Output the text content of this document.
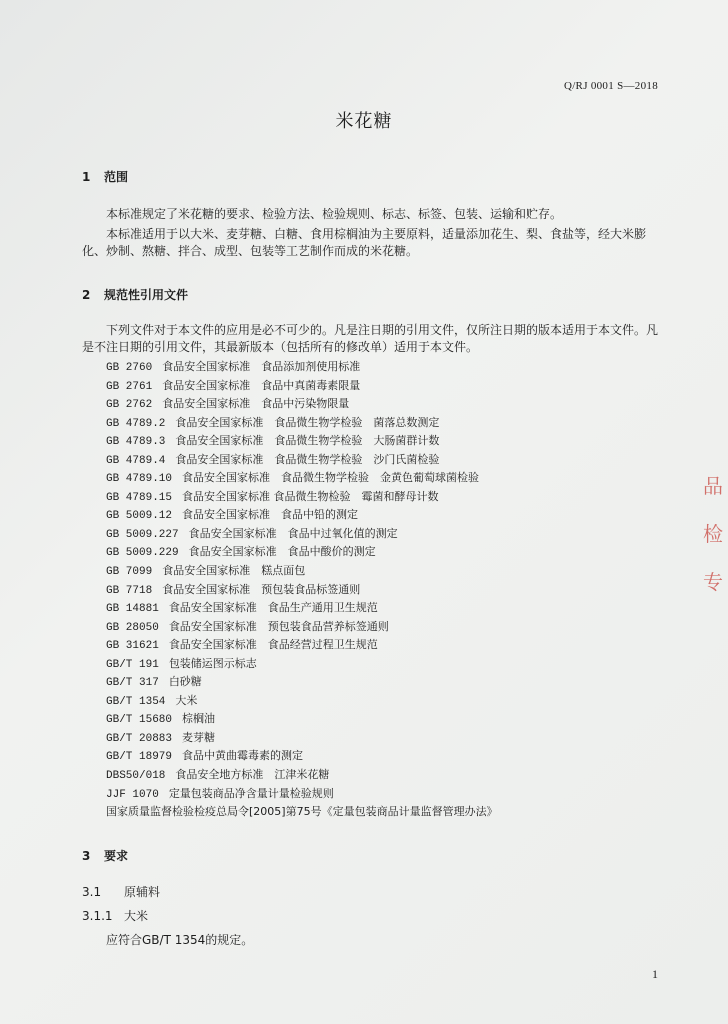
Q/RJ 0001 S—2018
米花糖
1 范围

本标准规定了米花糖的要求、检验方法、检验规则、标志、标签、包装、运输和贮存。

本标准适用于以大米、麦芽糖、白糖、食用棕榈油为主要原料，适量添加花生、梨、食盐等，经大米膨化、炒制、熬糖、拌合、成型、包装等工艺制作而成的米花糖。

2 规范性引用文件

下列文件对于本文件的应用是必不可少的。凡是注日期的引用文件，仅所注日期的版本适用于本文件。凡是不注日期的引用文件，其最新版本（包括所有的修改单）适用于本文件。

GB 2760 食品安全国家标准　食品添加剂使用标准
GB 2761 食品安全国家标准　食品中真菌毒素限量
GB 2762 食品安全国家标准　食品中污染物限量
GB 4789.2 食品安全国家标准　食品微生物学检验　菌落总数测定
GB 4789.3 食品安全国家标准　食品微生物学检验　大肠菌群计数
GB 4789.4 食品安全国家标准　食品微生物学检验　沙门氏菌检验
GB 4789.10 食品安全国家标准　食品微生物学检验　金黄色葡萄球菌检验
GB 4789.15 食品安全国家标准 食品微生物检验　霉菌和酵母计数
GB 5009.12 食品安全国家标准　食品中铅的测定
GB 5009.227 食品安全国家标准　食品中过氧化值的测定
GB 5009.229 食品安全国家标准　食品中酸价的测定
GB 7099 食品安全国家标准　糕点面包
GB 7718 食品安全国家标准　预包装食品标签通则
GB 14881 食品安全国家标准　食品生产通用卫生规范
GB 28050 食品安全国家标准　预包装食品营养标签通则
GB 31621 食品安全国家标准　食品经营过程卫生规范
GB/T 191 包装储运图示标志
GB/T 317 白砂糖
GB/T 1354 大米
GB/T 15680 棕榈油
GB/T 20883 麦芽糖
GB/T 18979 食品中黄曲霉毒素的测定
DBS50/018 食品安全地方标准　江津米花糖
JJF 1070 定量包装商品净含量计量检验规则
国家质量监督检验检疫总局令[2005]第75号《定量包装商品计量监督管理办法》
3 要求
3.1 原辅料
3.1.1 大米

应符合GB/T 1354的规定。

品
检
专
1
